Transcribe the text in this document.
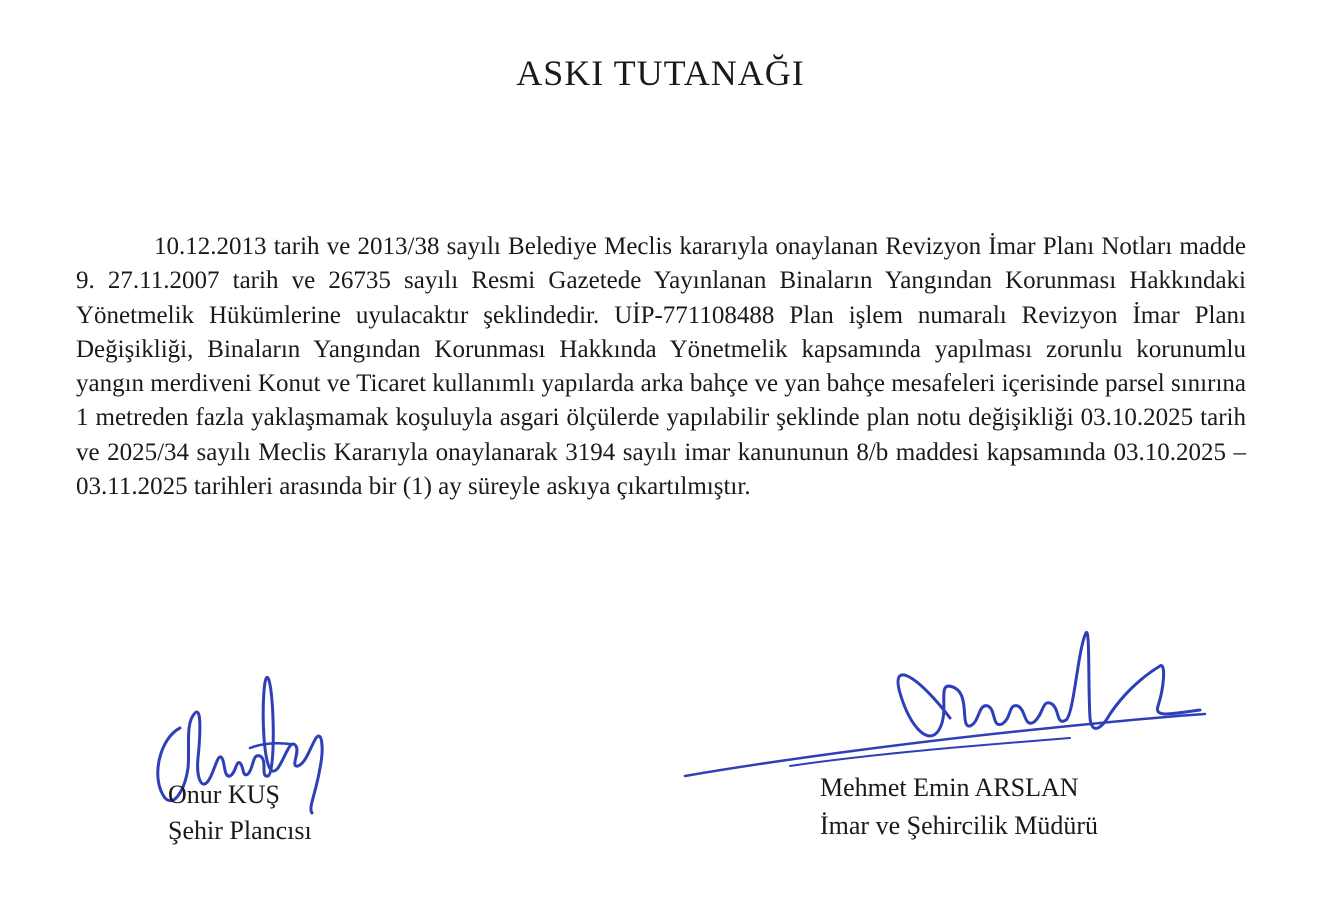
ASKI TUTANAĞI

10.12.2013 tarih ve 2013/38 sayılı Belediye Meclis kararıyla onaylanan Revizyon İmar Planı Notları madde 9. 27.11.2007 tarih ve 26735 sayılı Resmi Gazetede Yayınlanan Binaların Yangından Korunması Hakkındaki Yönetmelik Hükümlerine uyulacaktır şeklindedir. UİP-771108488 Plan işlem numaralı Revizyon İmar Planı Değişikliği, Binaların Yangından Korunması Hakkında Yönetmelik kapsamında yapılması zorunlu korunumlu yangın merdiveni Konut ve Ticaret kullanımlı yapılarda arka bahçe ve yan bahçe mesafeleri içerisinde parsel sınırına 1 metreden fazla yaklaşmamak koşuluyla asgari ölçülerde yapılabilir şeklinde plan notu değişikliği 03.10.2025 tarih ve 2025/34 sayılı Meclis Kararıyla onaylanarak 3194 sayılı imar kanununun 8/b maddesi kapsamında 03.10.2025 – 03.11.2025 tarihleri arasında bir (1) ay süreyle askıya çıkartılmıştır.

Onur KUŞ
Şehir Plancısı
Mehmet Emin ARSLAN
İmar ve Şehircilik Müdürü
